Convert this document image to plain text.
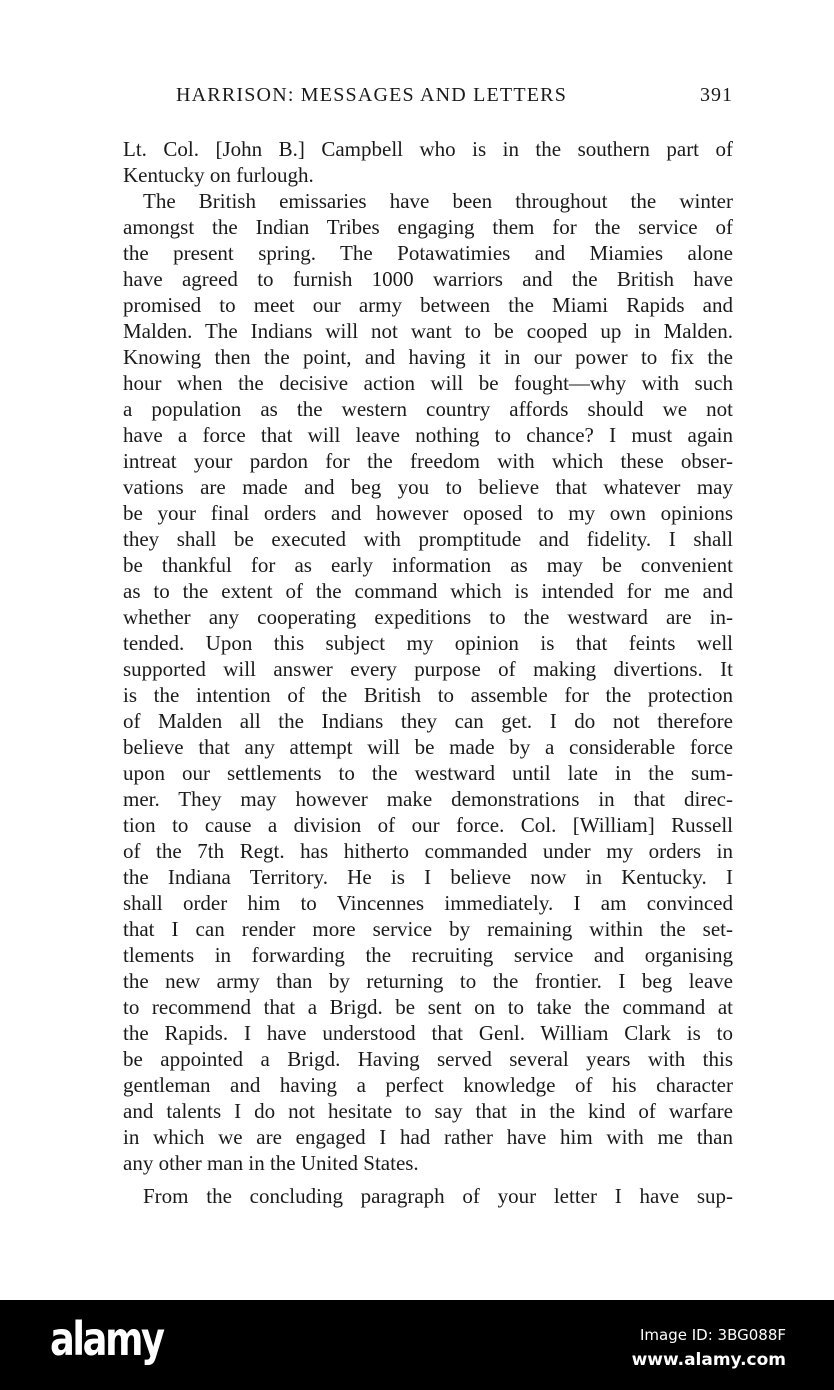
HARRISON: MESSAGES AND LETTERS	391
Lt. Col. [John B.] Campbell who is in the southern part of
Kentucky on furlough.
The British emissaries have been throughout the winter
amongst the Indian Tribes engaging them for the service of
the present spring. The Potawatimies and Miamies alone
have agreed to furnish 1000 warriors and the British have
promised to meet our army between the Miami Rapids and
Malden. The Indians will not want to be cooped up in Malden.
Knowing then the point, and having it in our power to fix the
hour when the decisive action will be fought—why with such
a population as the western country affords should we not
have a force that will leave nothing to chance? I must again
intreat your pardon for the freedom with which these obser-
vations are made and beg you to believe that whatever may
be your final orders and however oposed to my own opinions
they shall be executed with promptitude and fidelity. I shall
be thankful for as early information as may be convenient
as to the extent of the command which is intended for me and
whether any cooperating expeditions to the westward are in-
tended. Upon this subject my opinion is that feints well
supported will answer every purpose of making divertions. It
is the intention of the British to assemble for the protection
of Malden all the Indians they can get. I do not therefore
believe that any attempt will be made by a considerable force
upon our settlements to the westward until late in the sum-
mer. They may however make demonstrations in that direc-
tion to cause a division of our force. Col. [William] Russell
of the 7th Regt. has hitherto commanded under my orders in
the Indiana Territory. He is I believe now in Kentucky. I
shall order him to Vincennes immediately. I am convinced
that I can render more service by remaining within the set-
tlements in forwarding the recruiting service and organising
the new army than by returning to the frontier. I beg leave
to recommend that a Brigd. be sent on to take the command at
the Rapids. I have understood that Genl. William Clark is to
be appointed a Brigd. Having served several years with this
gentleman and having a perfect knowledge of his character
and talents I do not hesitate to say that in the kind of warfare
in which we are engaged I had rather have him with me than
any other man in the United States.
From the concluding paragraph of your letter I have sup-
alamy	Image ID: 3BG088F
www.alamy.com
